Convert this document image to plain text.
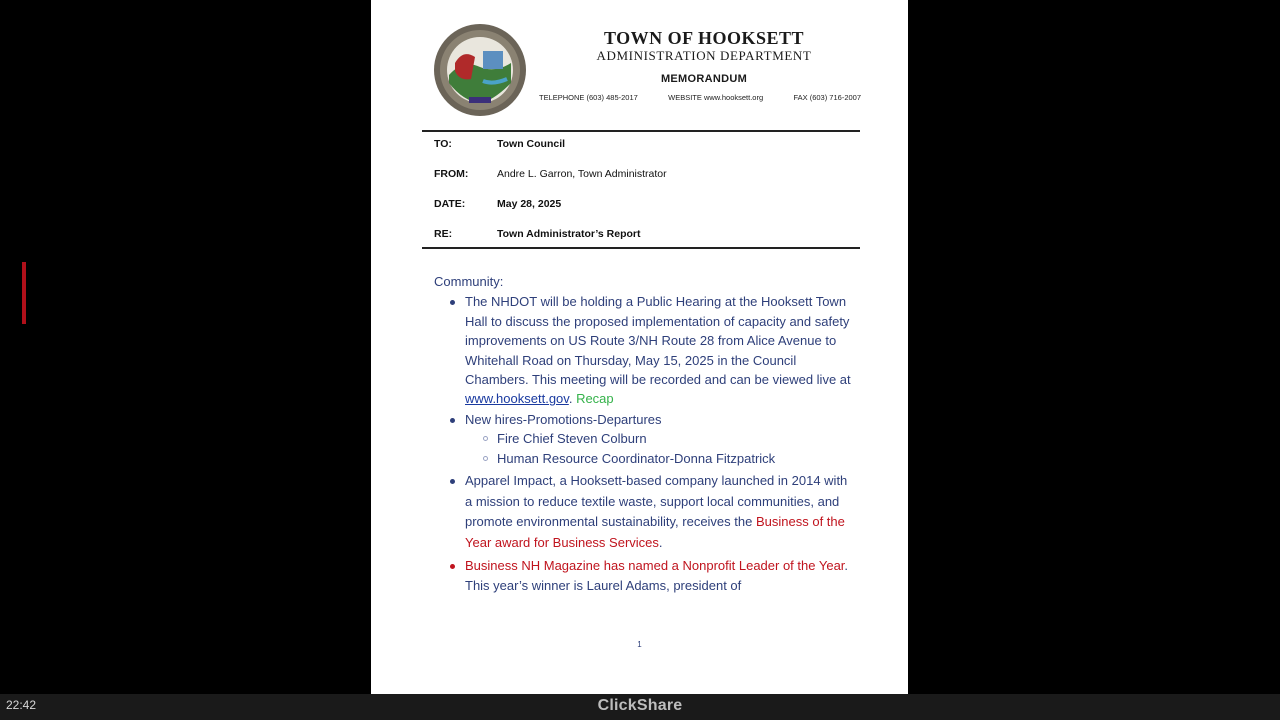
TOWN OF HOOKSETT
ADMINISTRATION DEPARTMENT
MEMORANDUM
TELEPHONE (603) 485-2017	WEBSITE www.hooksett.org	FAX (603) 716-2007
TO:	Town Council
FROM:	Andre L. Garron, Town Administrator
DATE:	May 28, 2025
RE:	Town Administrator’s Report
Community:
The NHDOT will be holding a Public Hearing at the Hooksett Town Hall to discuss the proposed implementation of capacity and safety improvements on US Route 3/NH Route 28 from Alice Avenue to Whitehall Road on Thursday, May 15, 2025 in the Council Chambers. This meeting will be recorded and can be viewed live at www.hooksett.gov. Recap
New hires-Promotions-Departures
Fire Chief Steven Colburn
Human Resource Coordinator-Donna Fitzpatrick
Apparel Impact, a Hooksett-based company launched in 2014 with a mission to reduce textile waste, support local communities, and promote environmental sustainability, receives the Business of the Year award for Business Services.
Business NH Magazine has named a Nonprofit Leader of the Year. This year’s winner is Laurel Adams, president of
1
22:42	ClickShare
